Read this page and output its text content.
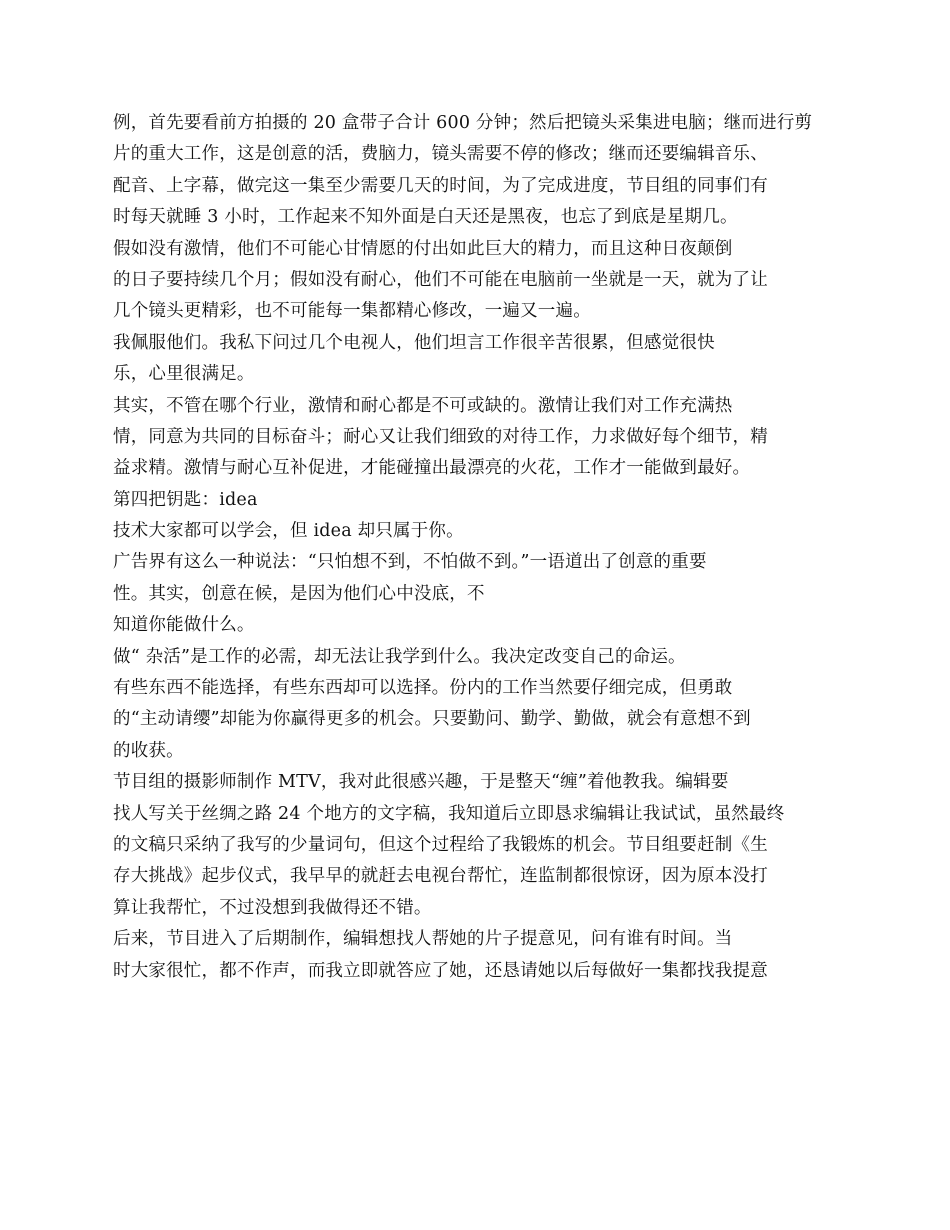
例，首先要看前方拍摄的 20 盒带子合计 600 分钟；然后把镜头采集进电脑；继而进行剪
片的重大工作，这是创意的活，费脑力，镜头需要不停的修改；继而还要编辑音乐、
配音、上字幕，做完这一集至少需要几天的时间，为了完成进度，节目组的同事们有
时每天就睡 3 小时，工作起来不知外面是白天还是黑夜，也忘了到底是星期几。
假如没有激情，他们不可能心甘情愿的付出如此巨大的精力，而且这种日夜颠倒
的日子要持续几个月；假如没有耐心，他们不可能在电脑前一坐就是一天，就为了让
几个镜头更精彩，也不可能每一集都精心修改，一遍又一遍。
我佩服他们。我私下问过几个电视人，他们坦言工作很辛苦很累，但感觉很快
乐，心里很满足。
其实，不管在哪个行业，激情和耐心都是不可或缺的。激情让我们对工作充满热
情，同意为共同的目标奋斗；耐心又让我们细致的对待工作，力求做好每个细节，精
益求精。激情与耐心互补促进，才能碰撞出最漂亮的火花，工作才一能做到最好。
第四把钥匙：idea
技术大家都可以学会，但 idea 却只属于你。
广告界有这么一种说法：“只怕想不到，不怕做不到。”一语道出了创意的重要
性。其实，创意在候，是因为他们心中没底，不
知道你能做什么。
做“ 杂活”是工作的必需，却无法让我学到什么。我决定改变自己的命运。
有些东西不能选择，有些东西却可以选择。份内的工作当然要仔细完成，但勇敢
的“主动请缨”却能为你赢得更多的机会。只要勤问、勤学、勤做，就会有意想不到
的收获。
节目组的摄影师制作 MTV，我对此很感兴趣，于是整天“缠”着他教我。编辑要
找人写关于丝绸之路 24 个地方的文字稿，我知道后立即恳求编辑让我试试，虽然最终
的文稿只采纳了我写的少量词句，但这个过程给了我锻炼的机会。节目组要赶制《生
存大挑战》起步仪式，我早早的就赶去电视台帮忙，连监制都很惊讶，因为原本没打
算让我帮忙，不过没想到我做得还不错。
后来，节目进入了后期制作，编辑想找人帮她的片子提意见，问有谁有时间。当
时大家很忙，都不作声，而我立即就答应了她，还恳请她以后每做好一集都找我提意
